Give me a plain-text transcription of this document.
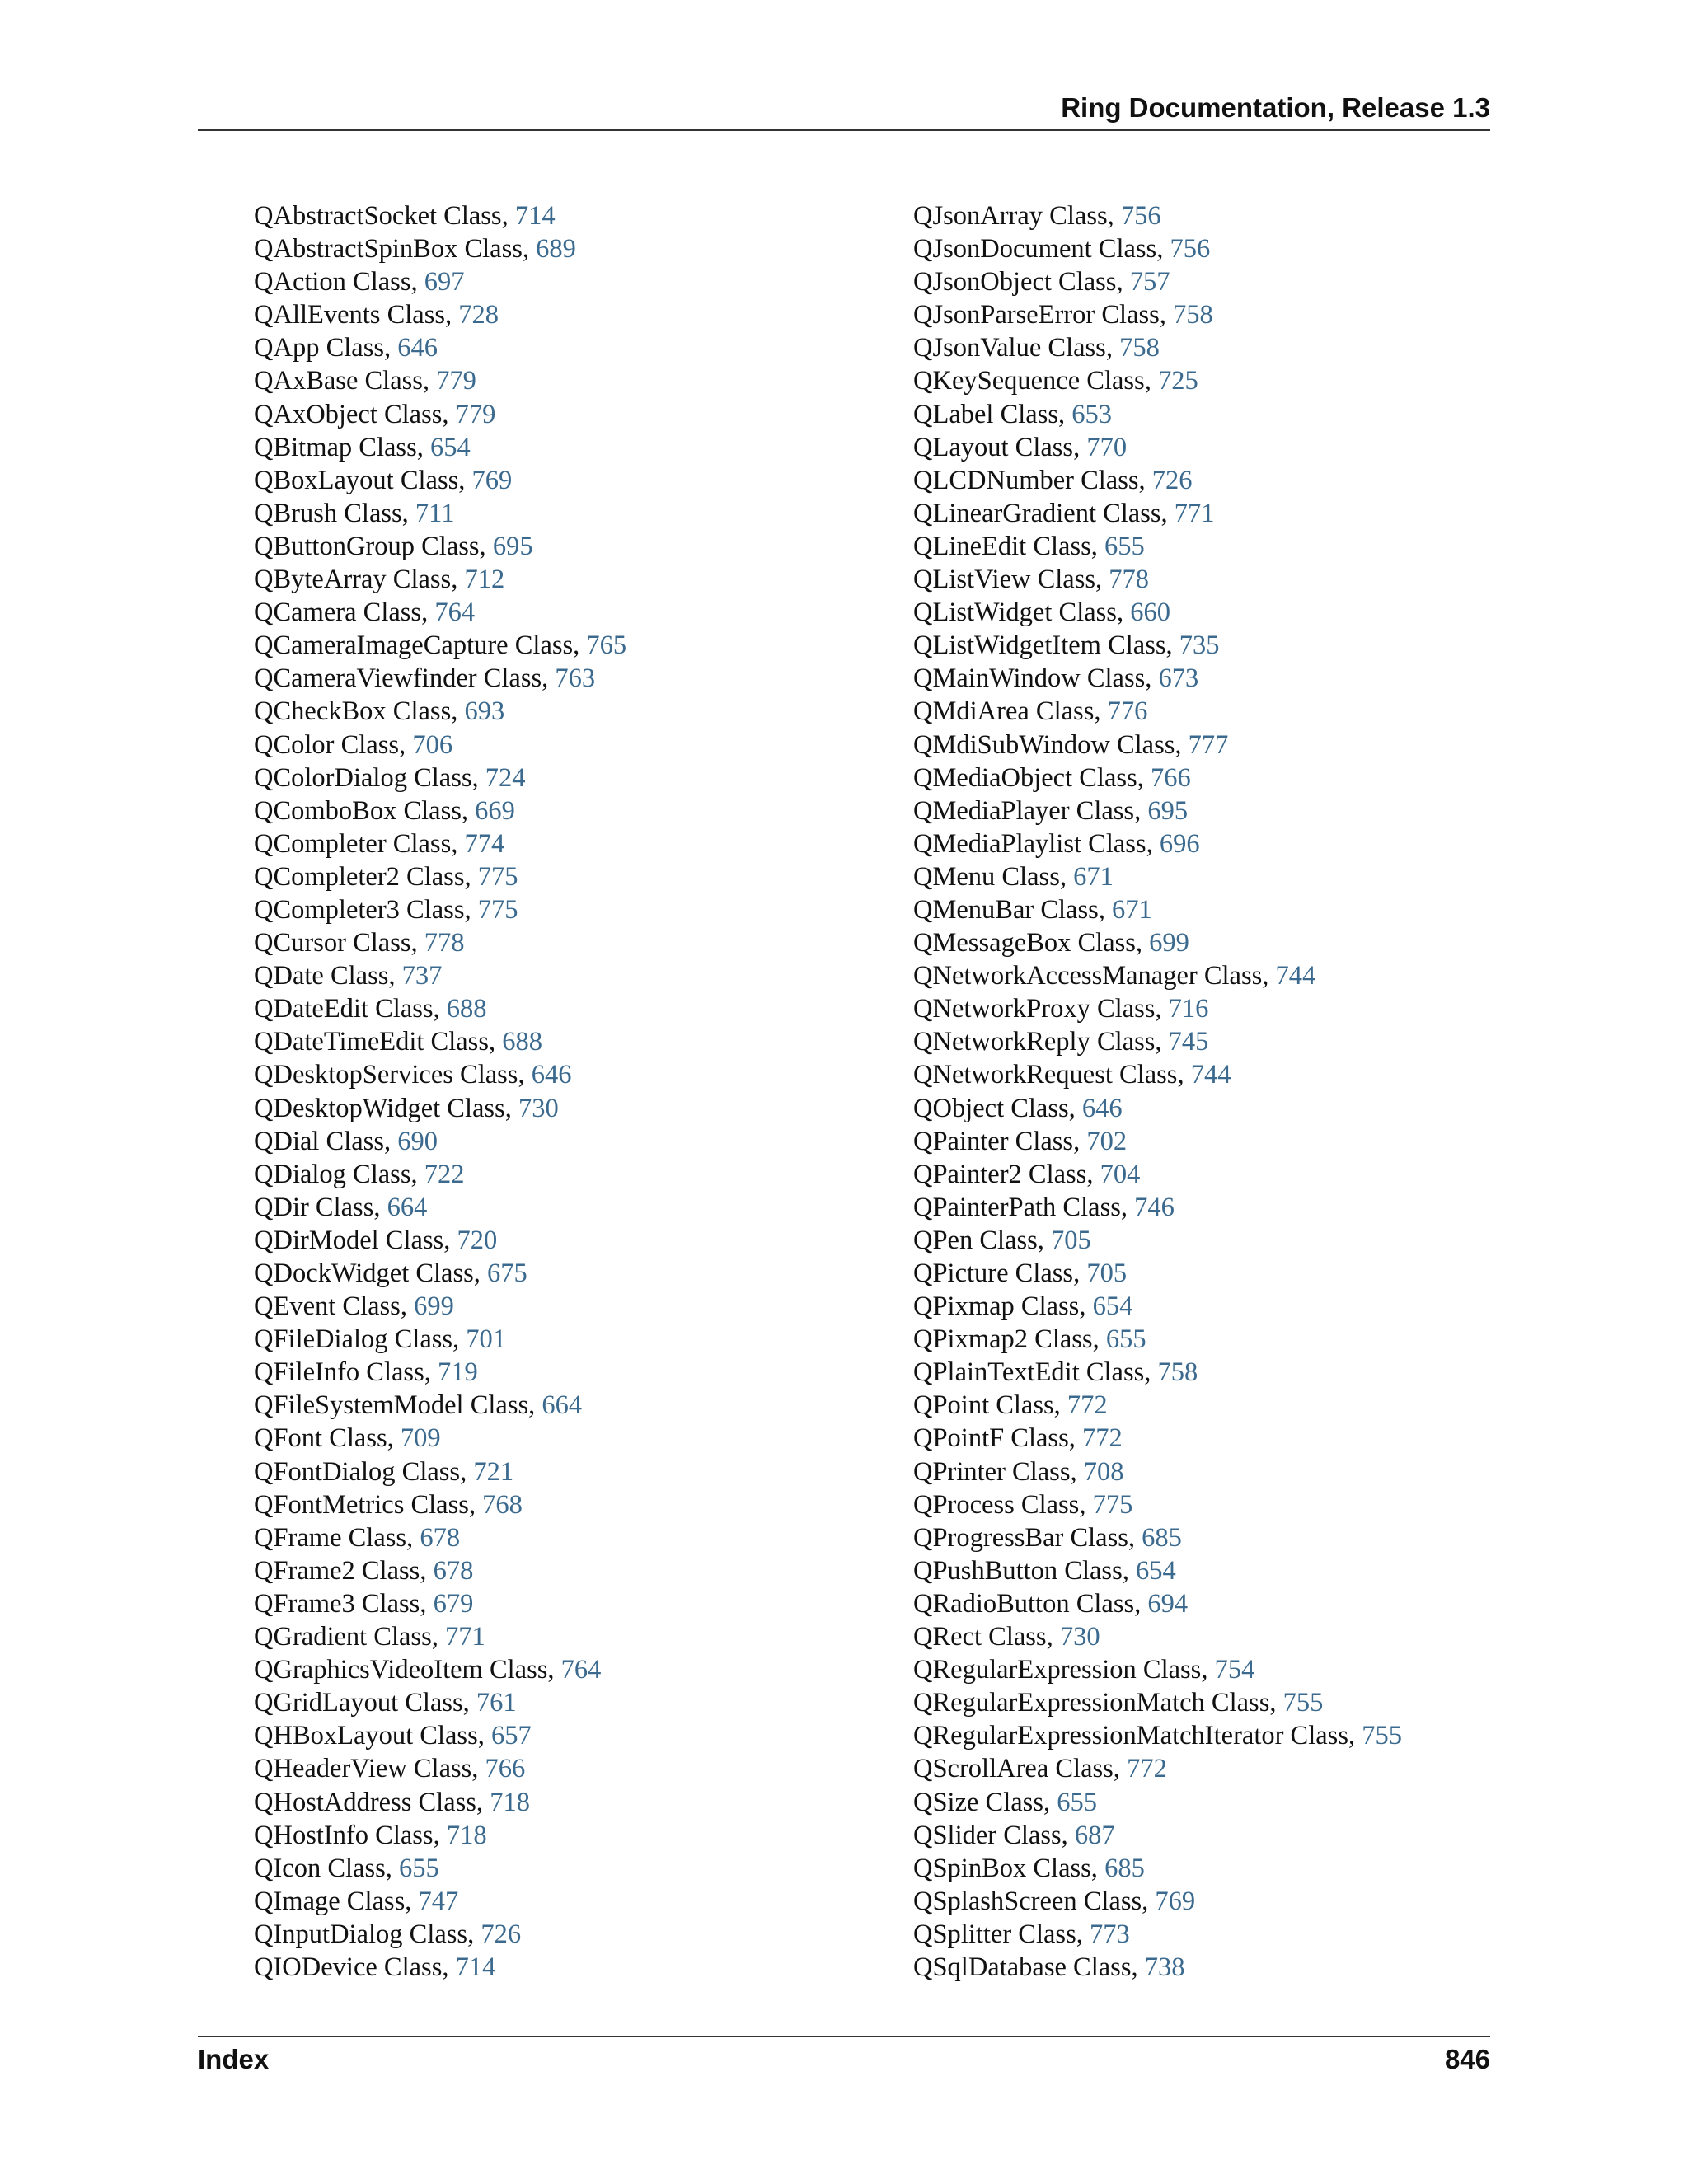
Ring Documentation, Release 1.3
QAbstractSocket Class, 714
QAbstractSpinBox Class, 689
QAction Class, 697
QAllEvents Class, 728
QApp Class, 646
QAxBase Class, 779
QAxObject Class, 779
QBitmap Class, 654
QBoxLayout Class, 769
QBrush Class, 711
QButtonGroup Class, 695
QByteArray Class, 712
QCamera Class, 764
QCameraImageCapture Class, 765
QCameraViewfinder Class, 763
QCheckBox Class, 693
QColor Class, 706
QColorDialog Class, 724
QComboBox Class, 669
QCompleter Class, 774
QCompleter2 Class, 775
QCompleter3 Class, 775
QCursor Class, 778
QDate Class, 737
QDateEdit Class, 688
QDateTimeEdit Class, 688
QDesktopServices Class, 646
QDesktopWidget Class, 730
QDial Class, 690
QDialog Class, 722
QDir Class, 664
QDirModel Class, 720
QDockWidget Class, 675
QEvent Class, 699
QFileDialog Class, 701
QFileInfo Class, 719
QFileSystemModel Class, 664
QFont Class, 709
QFontDialog Class, 721
QFontMetrics Class, 768
QFrame Class, 678
QFrame2 Class, 678
QFrame3 Class, 679
QGradient Class, 771
QGraphicsVideoItem Class, 764
QGridLayout Class, 761
QHBoxLayout Class, 657
QHeaderView Class, 766
QHostAddress Class, 718
QHostInfo Class, 718
QIcon Class, 655
QImage Class, 747
QInputDialog Class, 726
QIODevice Class, 714
QJsonArray Class, 756
QJsonDocument Class, 756
QJsonObject Class, 757
QJsonParseError Class, 758
QJsonValue Class, 758
QKeySequence Class, 725
QLabel Class, 653
QLayout Class, 770
QLCDNumber Class, 726
QLinearGradient Class, 771
QLineEdit Class, 655
QListView Class, 778
QListWidget Class, 660
QListWidgetItem Class, 735
QMainWindow Class, 673
QMdiArea Class, 776
QMdiSubWindow Class, 777
QMediaObject Class, 766
QMediaPlayer Class, 695
QMediaPlaylist Class, 696
QMenu Class, 671
QMenuBar Class, 671
QMessageBox Class, 699
QNetworkAccessManager Class, 744
QNetworkProxy Class, 716
QNetworkReply Class, 745
QNetworkRequest Class, 744
QObject Class, 646
QPainter Class, 702
QPainter2 Class, 704
QPainterPath Class, 746
QPen Class, 705
QPicture Class, 705
QPixmap Class, 654
QPixmap2 Class, 655
QPlainTextEdit Class, 758
QPoint Class, 772
QPointF Class, 772
QPrinter Class, 708
QProcess Class, 775
QProgressBar Class, 685
QPushButton Class, 654
QRadioButton Class, 694
QRect Class, 730
QRegularExpression Class, 754
QRegularExpressionMatch Class, 755
QRegularExpressionMatchIterator Class, 755
QScrollArea Class, 772
QSize Class, 655
QSlider Class, 687
QSpinBox Class, 685
QSplashScreen Class, 769
QSplitter Class, 773
QSqlDatabase Class, 738
Index	846
